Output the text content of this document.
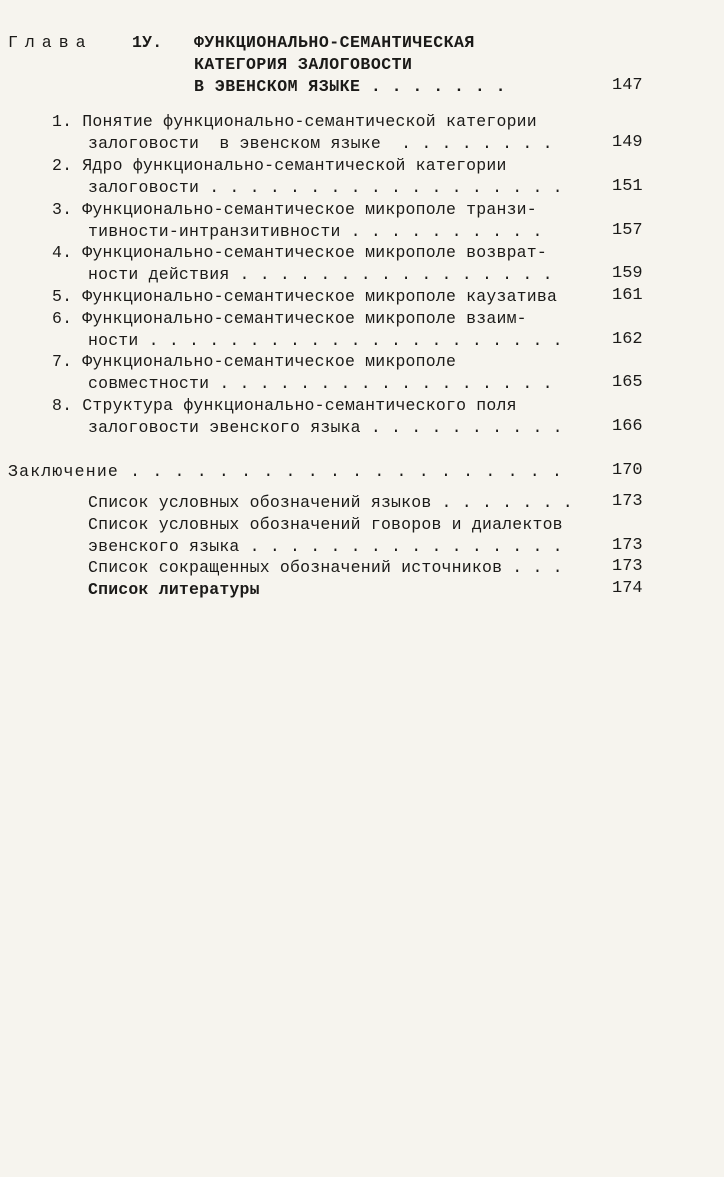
Глава 1У. ФУНКЦИОНАЛЬНО-СЕМАНТИЧЕСКАЯ
КАТЕГОРИЯ ЗАЛОГОВОСТИ
В ЭВЕНСКОМ ЯЗЫКЕ . . . . . . .	147
1. Понятие функционально-семантической категории
залоговости  в эвенском языке  . . . . . . . .	149
2. Ядро функционально-семантической категории
залоговости . . . . . . . . . . . . . . . . . .	151
3. Функционально-семантическое микрополе транзи-
тивности-интранзитивности . . . . . . . . . .	157
4. Функционально-семантическое микрополе возврат-
ности действия . . . . . . . . . . . . . . . .	159
5. Функционально-семантическое микрополе каузатива	161
6. Функционально-семантическое микрополе взаим-
ности . . . . . . . . . . . . . . . . . . . . .	162
7. Функционально-семантическое микрополе
совместности . . . . . . . . . . . . . . . . .	165
8. Структура функционально-семантического поля
залоговости эвенского языка . . . . . . . . . .	166
Заключение . . . . . . . . . . . . . . . . . . . .	170
Список условных обозначений языков . . . . . . . 173
Список условных обозначений говоров и диалектов
эвенского языка . . . . . . . . . . . . . . . .	173
Список сокращенных обозначений источников . . .	173
Список литературы	174
